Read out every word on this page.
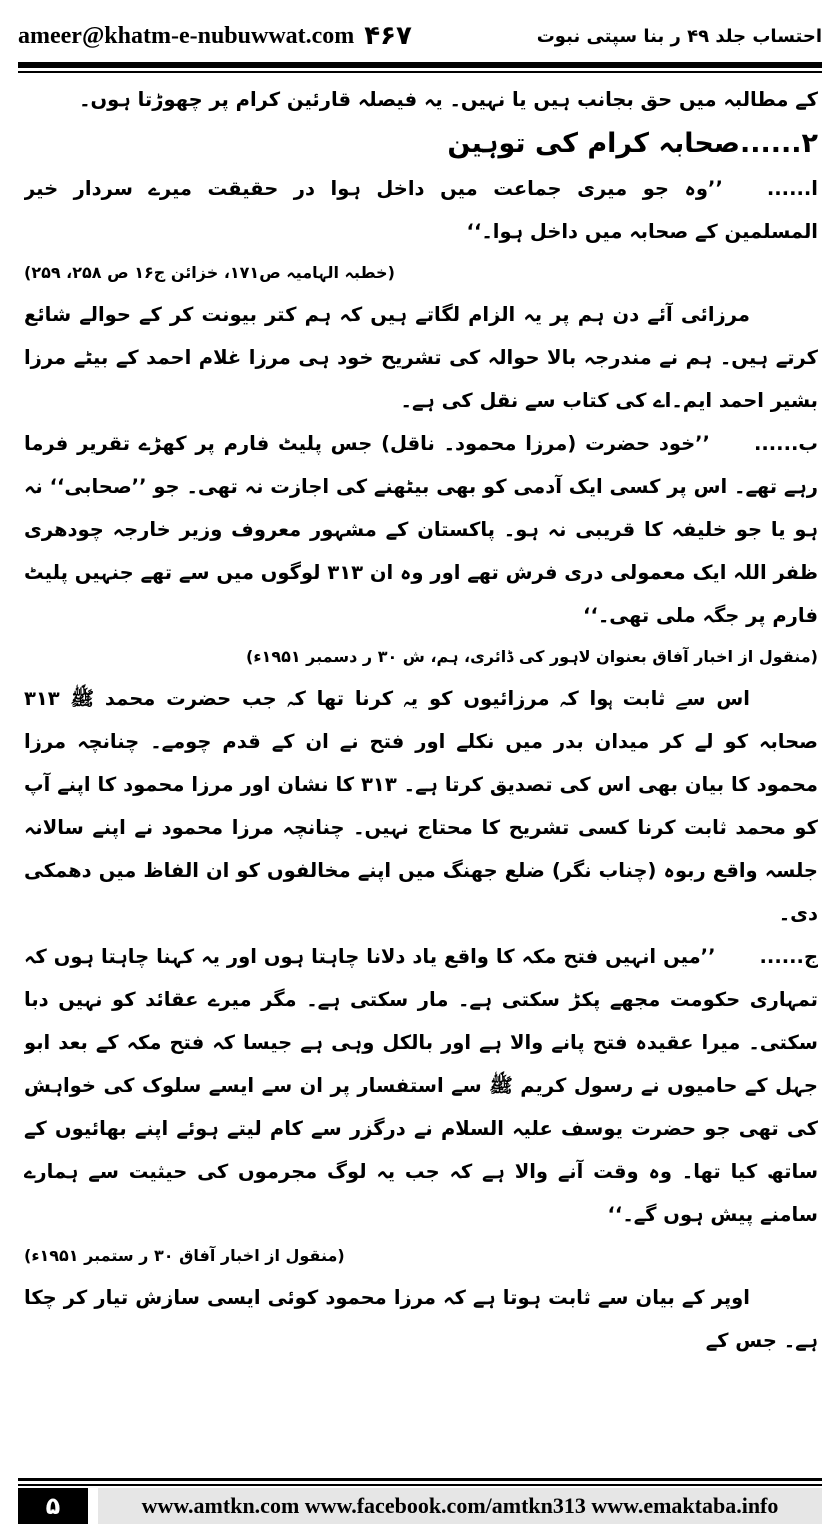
ameer@khatm-e-nubuwwat.com ۴۶۷	احتساب جلد ۴۹ ر بنا سپتی نبوت

کے مطالبہ میں حق بجانب ہیں یا نہیں۔ یہ فیصلہ قارئین کرام پر چھوڑتا ہوں۔

۲......صحابہ کرام کی توہین

ا......’’وہ جو میری جماعت میں داخل ہوا در حقیقت میرے سردار خیر المسلمین کے صحابہ میں داخل ہوا۔‘‘

(خطبہ الہامیہ ص۱۷۱، خزائن ج۱۶ ص ۲۵۸، ۲۵۹)

مرزائی آئے دن ہم پر یہ الزام لگاتے ہیں کہ ہم کتر بیونت کر کے حوالے شائع کرتے ہیں۔ ہم نے مندرجہ بالا حوالہ کی تشریح خود ہی مرزا غلام احمد کے بیٹے مرزا بشیر احمد ایم۔اے کی کتاب سے نقل کی ہے۔

ب......’’خود حضرت (مرزا محمود۔ ناقل) جس پلیٹ فارم پر کھڑے تقریر فرما رہے تھے۔ اس پر کسی ایک آدمی کو بھی بیٹھنے کی اجازت نہ تھی۔ جو ’’صحابی‘‘ نہ ہو یا جو خلیفہ کا قریبی نہ ہو۔ پاکستان کے مشہور معروف وزیر خارجہ چودھری ظفر اللہ ایک معمولی دری فرش تھے اور وہ ان ۳۱۳ لوگوں میں سے تھے جنہیں پلیٹ فارم پر جگہ ملی تھی۔‘‘

(منقول از اخبار آفاق بعنوان لاہور کی ڈائری، ہم، ش ۳۰ ر دسمبر ۱۹۵۱ء)

اس سے ثابت ہوا کہ مرزائیوں کو یہ کرنا تھا کہ جب حضرت محمد ﷺ ۳۱۳ صحابہ کو لے کر میدان بدر میں نکلے اور فتح نے ان کے قدم چومے۔ چنانچہ مرزا محمود کا بیان بھی اس کی تصدیق کرتا ہے۔ ۳۱۳ کا نشان اور مرزا محمود کا اپنے آپ کو محمد ثابت کرنا کسی تشریح کا محتاج نہیں۔ چنانچہ مرزا محمود نے اپنے سالانہ جلسہ واقع ربوہ (چناب نگر) ضلع جھنگ میں اپنے مخالفوں کو ان الفاظ میں دھمکی دی۔

ج......’’میں انہیں فتح مکہ کا واقع یاد دلانا چاہتا ہوں اور یہ کہنا چاہتا ہوں کہ تمہاری حکومت مجھے پکڑ سکتی ہے۔ مار سکتی ہے۔ مگر میرے عقائد کو نہیں دبا سکتی۔ میرا عقیدہ فتح پانے والا ہے اور بالکل وہی ہے جیسا کہ فتح مکہ کے بعد ابو جہل کے حامیوں نے رسول کریم ﷺ سے استفسار پر ان سے ایسے سلوک کی خواہش کی تھی جو حضرت یوسف علیہ السلام نے درگزر سے کام لیتے ہوئے اپنے بھائیوں کے ساتھ کیا تھا۔ وہ وقت آنے والا ہے کہ جب یہ لوگ مجرموں کی حیثیت سے ہمارے سامنے پیش ہوں گے۔‘‘

(منقول از اخبار آفاق ۳۰ ر ستمبر ۱۹۵۱ء)

اوپر کے بیان سے ثابت ہوتا ہے کہ مرزا محمود کوئی ایسی سازش تیار کر چکا ہے۔ جس کے

۵	www.amtkn.com www.facebook.com/amtkn313 www.emaktaba.info
